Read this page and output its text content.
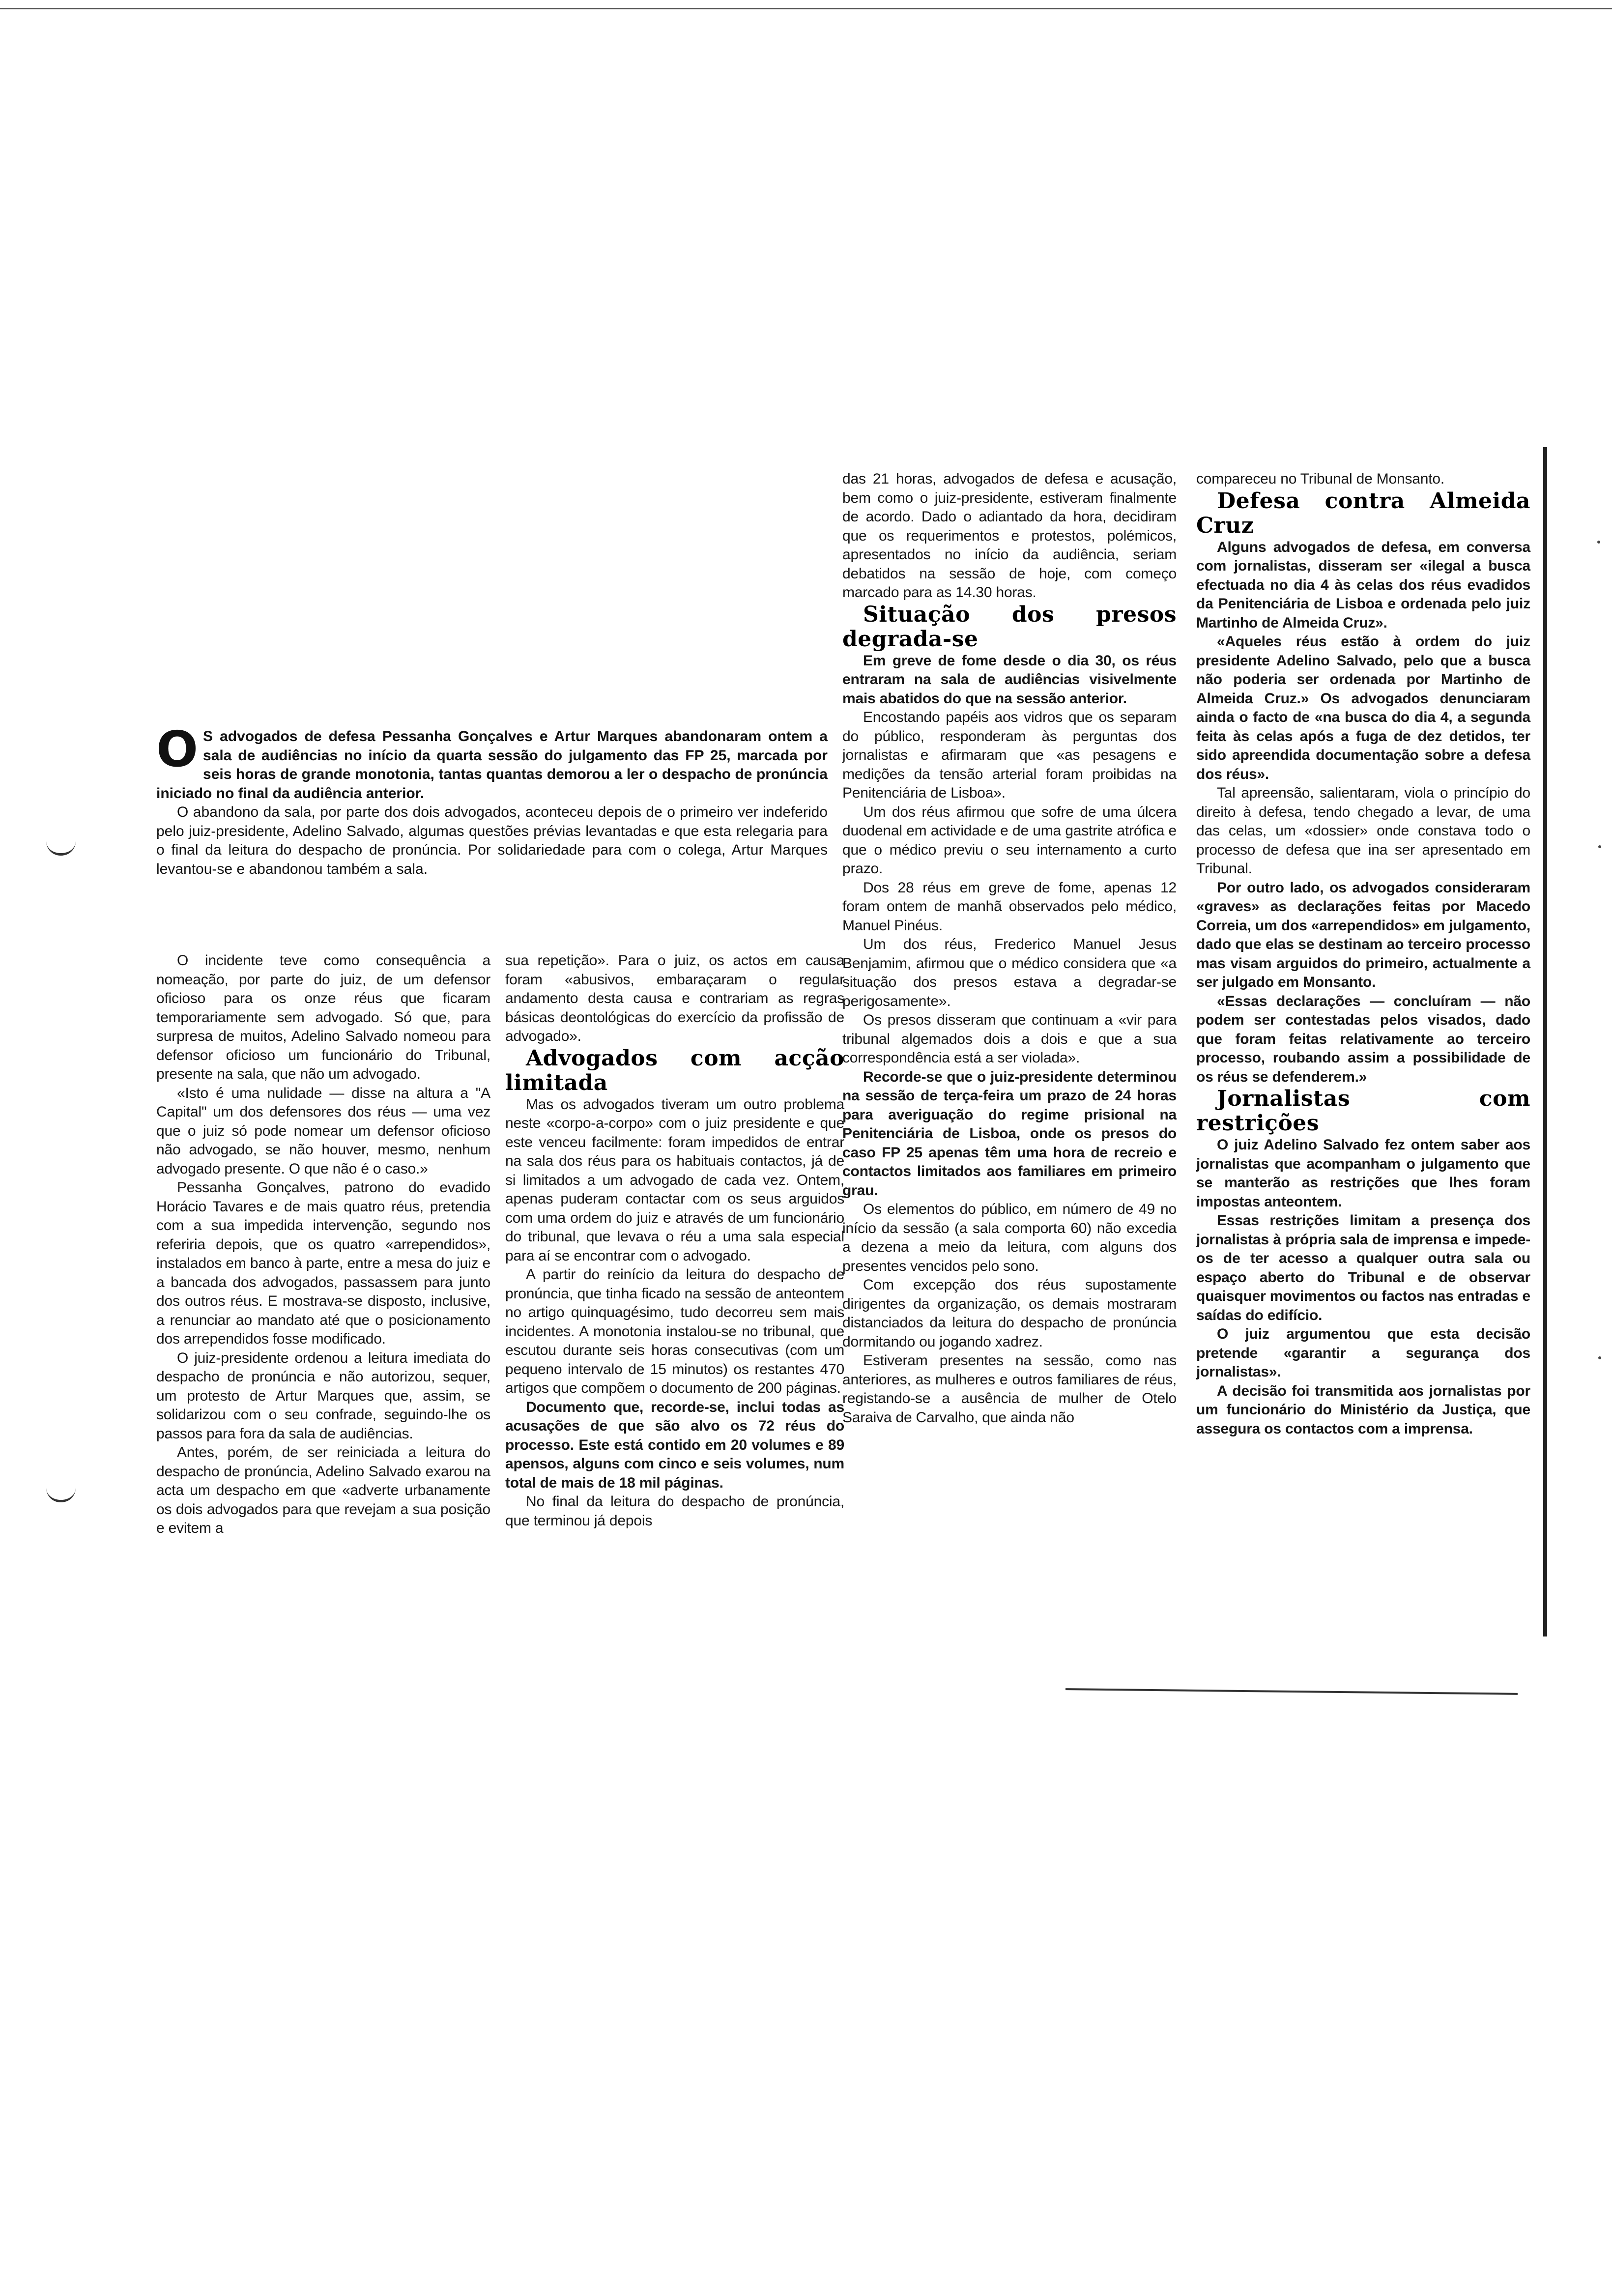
O S advogados de defesa Pessanha Gonçalves e Artur Marques abandonaram ontem a sala de audiências no início da quarta sessão do julgamento das FP 25, marcada por seis horas de grande monotonia, tantas quantas demorou a ler o despacho de pronúncia iniciado no final da audiência anterior.

O abandono da sala, por parte dos dois advogados, aconteceu depois de o primeiro ver indeferido pelo juiz-presidente, Adelino Salvado, algumas questões prévias levantadas e que esta relegaria para o final da leitura do despacho de pronúncia. Por solidariedade para com o colega, Artur Marques levantou-se e abandonou também a sala.

O incidente teve como consequência a nomeação, por parte do juiz, de um defensor oficioso para os onze réus que ficaram temporariamente sem advogado. Só que, para surpresa de muitos, Adelino Salvado nomeou para defensor oficioso um funcionário do Tribunal, presente na sala, que não um advogado.

«Isto é uma nulidade — disse na altura a "A Capital" um dos defensores dos réus — uma vez que o juiz só pode nomear um defensor oficioso não advogado, se não houver, mesmo, nenhum advogado presente. O que não é o caso.»

Pessanha Gonçalves, patrono do evadido Horácio Tavares e de mais quatro réus, pretendia com a sua impedida intervenção, segundo nos referiria depois, que os quatro «arrependidos», instalados em banco à parte, entre a mesa do juiz e a bancada dos advogados, passassem para junto dos outros réus. E mostrava-se disposto, inclusive, a renunciar ao mandato até que o posicionamento dos arrependidos fosse modificado.

O juiz-presidente ordenou a leitura imediata do despacho de pronúncia e não autorizou, sequer, um protesto de Artur Marques que, assim, se solidarizou com o seu confrade, seguindo-lhe os passos para fora da sala de audiências.

Antes, porém, de ser reiniciada a leitura do despacho de pronúncia, Adelino Salvado exarou na acta um despacho em que «adverte urbanamente os dois advogados para que revejam a sua posição e evitem a

sua repetição». Para o juiz, os actos em causa foram «abusivos, embaraçaram o regular andamento desta causa e contrariam as regras básicas deontológicas do exercício da profissão de advogado».

Advogados com acção limitada

Mas os advogados tiveram um outro problema neste «corpo-a-corpo» com o juiz presidente e que este venceu facilmente: foram impedidos de entrar na sala dos réus para os habituais contactos, já de si limitados a um advogado de cada vez. Ontem, apenas puderam contactar com os seus arguidos com uma ordem do juiz e através de um funcionário do tribunal, que levava o réu a uma sala especial para aí se encontrar com o advogado.

A partir do reinício da leitura do despacho de pronúncia, que tinha ficado na sessão de anteontem no artigo quinquagésimo, tudo decorreu sem mais incidentes. A monotonia instalou-se no tribunal, que escutou durante seis horas consecutivas (com um pequeno intervalo de 15 minutos) os restantes 470 artigos que compõem o documento de 200 páginas.

Documento que, recorde-se, inclui todas as acusações de que são alvo os 72 réus do processo. Este está contido em 20 volumes e 89 apensos, alguns com cinco e seis volumes, num total de mais de 18 mil páginas.

No final da leitura do despacho de pronúncia, que terminou já depois

das 21 horas, advogados de defesa e acusação, bem como o juiz-presidente, estiveram finalmente de acordo. Dado o adiantado da hora, decidiram que os requerimentos e protestos, polémicos, apresentados no início da audiência, seriam debatidos na sessão de hoje, com começo marcado para as 14.30 horas.

Situação dos presos degrada-se

Em greve de fome desde o dia 30, os réus entraram na sala de audiências visivelmente mais abatidos do que na sessão anterior.

Encostando papéis aos vidros que os separam do público, responderam às perguntas dos jornalistas e afirmaram que «as pesagens e medições da tensão arterial foram proibidas na Penitenciária de Lisboa».

Um dos réus afirmou que sofre de uma úlcera duodenal em actividade e de uma gastrite atrófica e que o médico previu o seu internamento a curto prazo.

Dos 28 réus em greve de fome, apenas 12 foram ontem de manhã observados pelo médico, Manuel Pinéus.

Um dos réus, Frederico Manuel Jesus Benjamim, afirmou que o médico considera que «a situação dos presos estava a degradar-se perigosamente».

Os presos disseram que continuam a «vir para tribunal algemados dois a dois e que a sua correspondência está a ser violada».

Recorde-se que o juiz-presidente determinou na sessão de terça-feira um prazo de 24 horas para averiguação do regime prisional na Penitenciária de Lisboa, onde os presos do caso FP 25 apenas têm uma hora de recreio e contactos limitados aos familiares em primeiro grau.

Os elementos do público, em número de 49 no início da sessão (a sala comporta 60) não excedia a dezena a meio da leitura, com alguns dos presentes vencidos pelo sono.

Com excepção dos réus supostamente dirigentes da organização, os demais mostraram distanciados da leitura do despacho de pronúncia dormitando ou jogando xadrez.

Estiveram presentes na sessão, como nas anteriores, as mulheres e outros familiares de réus, registando-se a ausência de mulher de Otelo Saraiva de Carvalho, que ainda não

compareceu no Tribunal de Monsanto.

Defesa contra Almeida Cruz

Alguns advogados de defesa, em conversa com jornalistas, disseram ser «ilegal a busca efectuada no dia 4 às celas dos réus evadidos da Penitenciária de Lisboa e ordenada pelo juiz Martinho de Almeida Cruz».

«Aqueles réus estão à ordem do juiz presidente Adelino Salvado, pelo que a busca não poderia ser ordenada por Martinho de Almeida Cruz.» Os advogados denunciaram ainda o facto de «na busca do dia 4, a segunda feita às celas após a fuga de dez detidos, ter sido apreendida documentação sobre a defesa dos réus».

Tal apreensão, salientaram, viola o princípio do direito à defesa, tendo chegado a levar, de uma das celas, um «dossier» onde constava todo o processo de defesa que ina ser apresentado em Tribunal.

Por outro lado, os advogados consideraram «graves» as declarações feitas por Macedo Correia, um dos «arrependidos» em julgamento, dado que elas se destinam ao terceiro processo mas visam arguidos do primeiro, actualmente a ser julgado em Monsanto.

«Essas declarações — concluíram — não podem ser contestadas pelos visados, dado que foram feitas relativamente ao terceiro processo, roubando assim a possibilidade de os réus se defenderem.»

Jornalistas com restrições

O juiz Adelino Salvado fez ontem saber aos jornalistas que acompanham o julgamento que se manterão as restrições que lhes foram impostas anteontem.

Essas restrições limitam a presença dos jornalistas à própria sala de imprensa e impede-os de ter acesso a qualquer outra sala ou espaço aberto do Tribunal e de observar quaisquer movimentos ou factos nas entradas e saídas do edifício.

O juiz argumentou que esta decisão pretende «garantir a segurança dos jornalistas».

A decisão foi transmitida aos jornalistas por um funcionário do Ministério da Justiça, que assegura os contactos com a imprensa.
